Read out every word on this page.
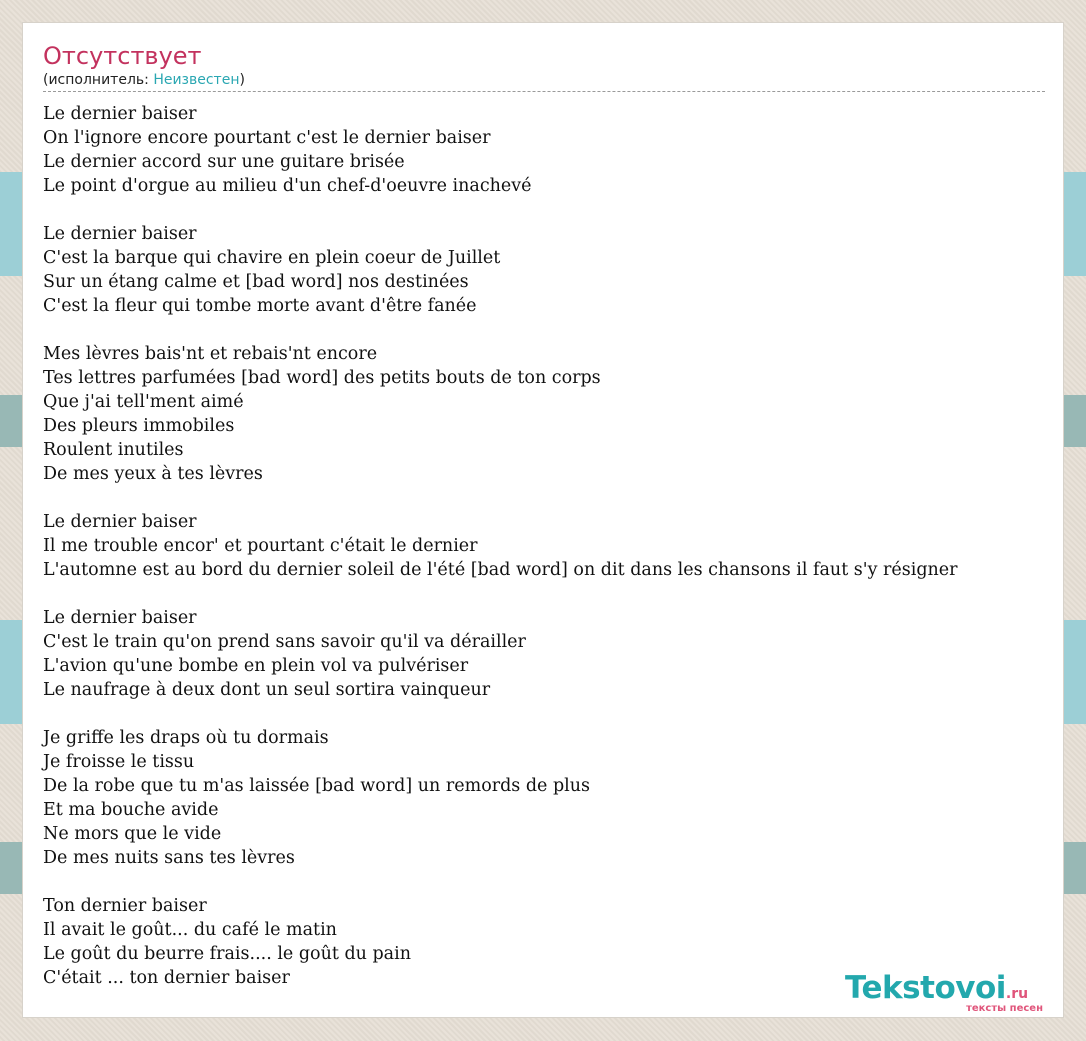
Отсутствует
(исполнитель: Неизвестен)
Le dernier baiser
On l'ignore encore pourtant c'est le dernier baiser
Le dernier accord sur une guitare brisée
Le point d'orgue au milieu d'un chef-d'oeuvre inachevé

Le dernier baiser
C'est la barque qui chavire en plein coeur de Juillet
Sur un étang calme et [bad word] nos destinées
C'est la fleur qui tombe morte avant d'être fanée

Mes lèvres bais'nt et rebais'nt encore
Tes lettres parfumées [bad word] des petits bouts de ton corps
Que j'ai tell'ment aimé
Des pleurs immobiles
Roulent inutiles
De mes yeux à tes lèvres

Le dernier baiser
Il me trouble encor' et pourtant c'était le dernier
L'automne est au bord du dernier soleil de l'été [bad word] on dit dans les chansons il faut s'y résigner

Le dernier baiser
C'est le train qu'on prend sans savoir qu'il va dérailler
L'avion qu'une bombe en plein vol va pulvériser
Le naufrage à deux dont un seul sortira vainqueur

Je griffe les draps où tu dormais
Je froisse le tissu
De la robe que tu m'as laissée [bad word] un remords de plus
Et ma bouche avide
Ne mors que le vide
De mes nuits sans tes lèvres

Ton dernier baiser
Il avait le goût... du café le matin
Le goût du beurre frais.... le goût du pain
C'était ... ton dernier baiser	Tekstovoi.ru
тексты песен
